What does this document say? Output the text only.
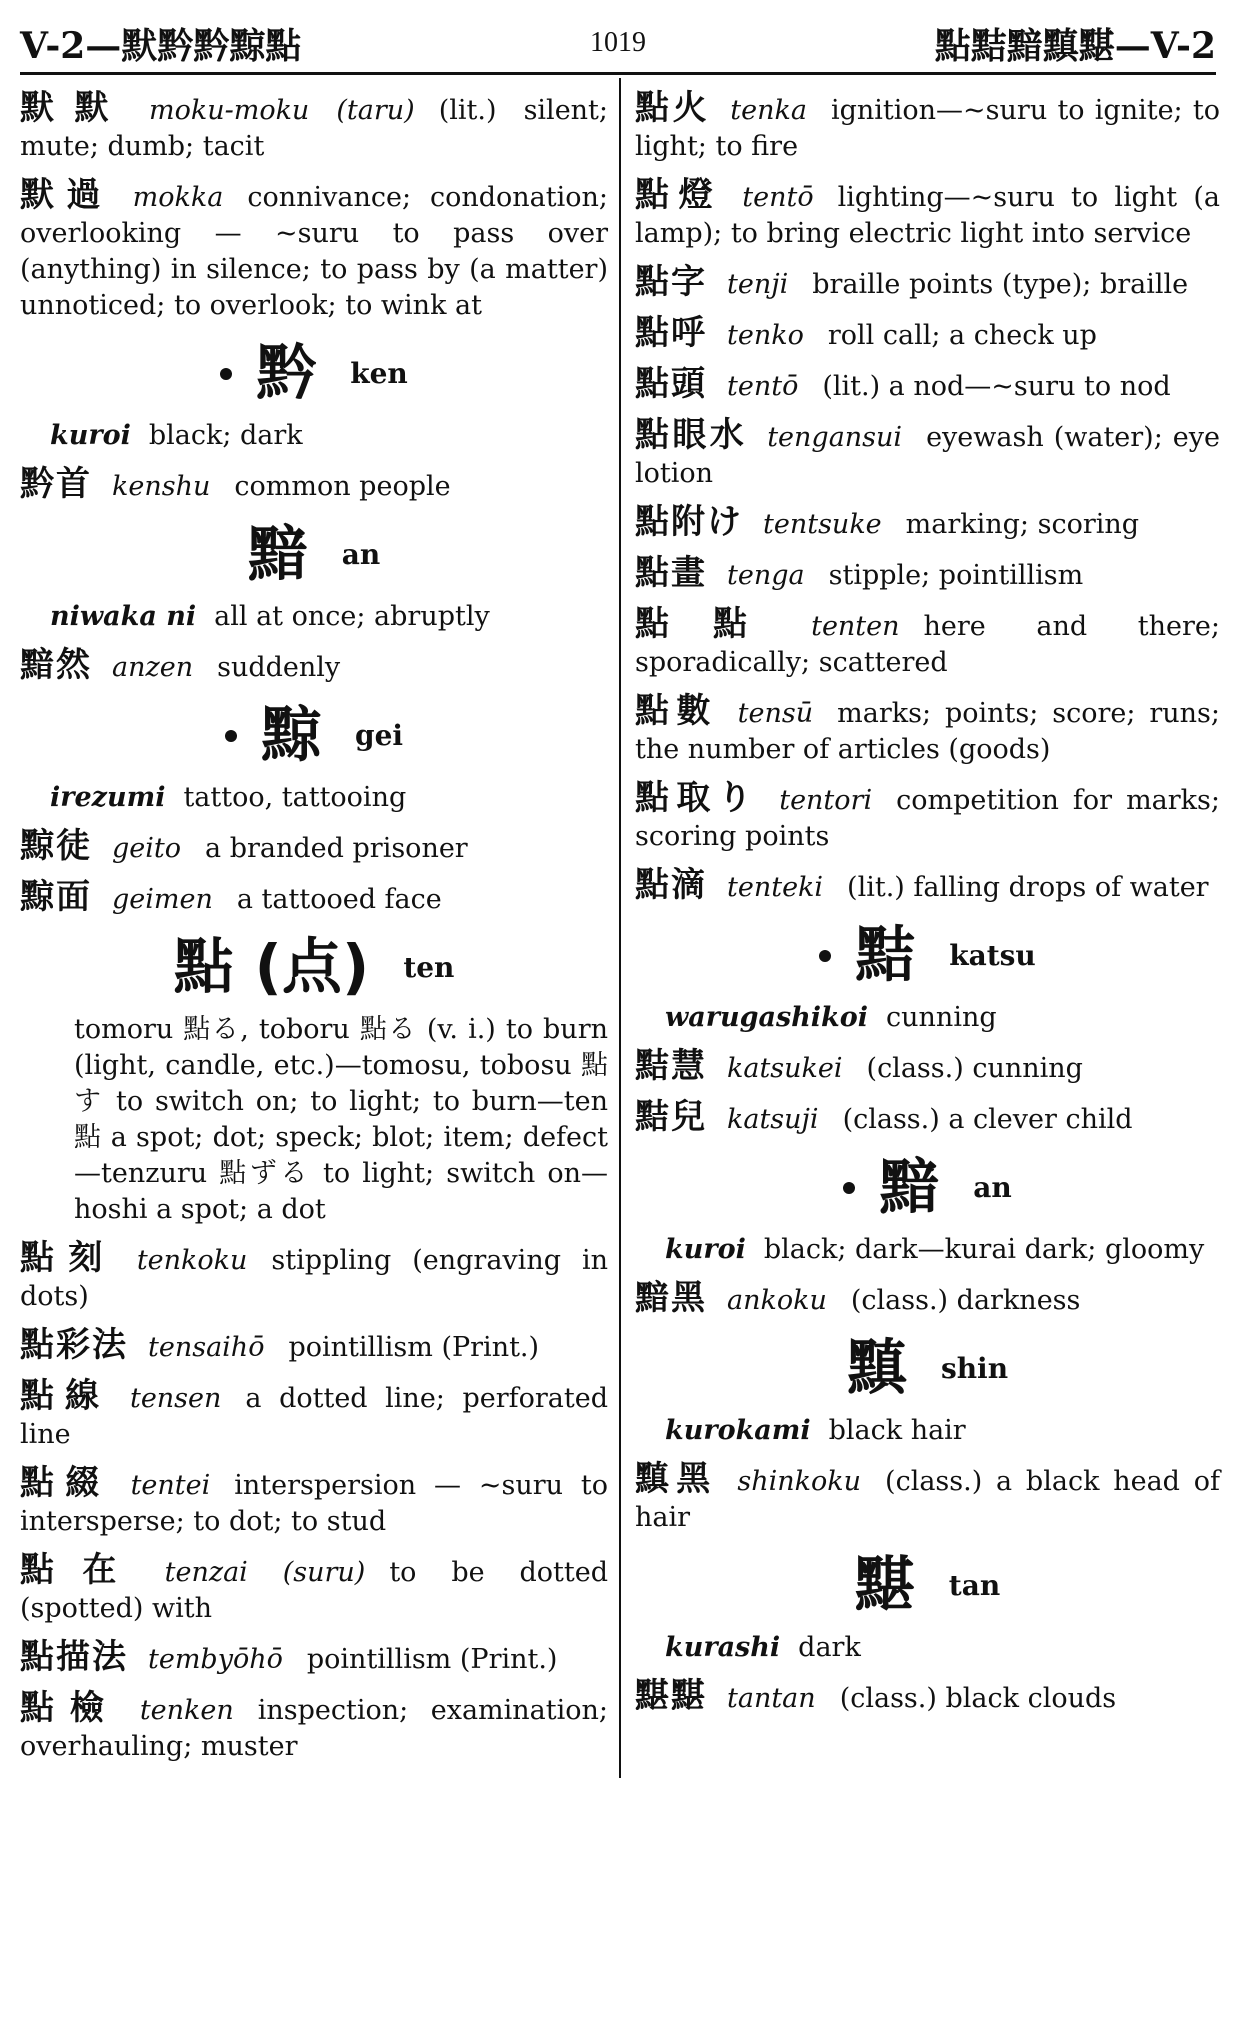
V-2—默黔黔黥點	1019	點黠黯黰黮—V-2
默默 moku-moku (taru) (lit.) silent; mute; dumb; tacit
默過 mokka connivance; condonation; overlooking — ~suru to pass over (anything) in silence; to pass by (a matter) unnoticed; to overlook; to wink at
黔 ken
kuroi black; dark
黔首 kenshu common people
黯 an
niwaka ni all at once; abruptly
黯然 anzen suddenly
黥 gei
irezumi tattoo, tattooing
黥徒 geito a branded prisoner
黥面 geimen a tattooed face
點 (点) ten
tomoru 點る, toboru 點る (v. i.) to burn (light, candle, etc.)—tomosu, tobosu 點す to switch on; to light; to burn—ten 點 a spot; dot; speck; blot; item; defect—tenzuru 點ずる to light; switch on—hoshi a spot; a dot
點刻 tenkoku stippling (engraving in dots)
點彩法 tensaihō pointillism (Print.)
點線 tensen a dotted line; perforated line
點綴 tentei interspersion — ~suru to intersperse; to dot; to stud
點在 tenzai (suru) to be dotted (spotted) with
點描法 tembyōhō pointillism (Print.)
點檢 tenken inspection; examination; overhauling; muster
點火 tenka ignition—~suru to ignite; to light; to fire
點燈 tentō lighting—~suru to light (a lamp); to bring electric light into service
點字 tenji braille points (type); braille
點呼 tenko roll call; a check up
點頭 tentō (lit.) a nod—~suru to nod
點眼水 tengansui eyewash (water); eye lotion
點附け tentsuke marking; scoring
點畫 tenga stipple; pointillism
點點 tenten here and there; sporadically; scattered
點數 tensū marks; points; score; runs; the number of articles (goods)
點取り tentori competition for marks; scoring points
點滴 tenteki (lit.) falling drops of water
黠 katsu
warugashikoi cunning
黠慧 katsukei (class.) cunning
黠兒 katsuji (class.) a clever child
黯 an
kuroi black; dark—kurai dark; gloomy
黯黑 ankoku (class.) darkness
黰 shin
kurokami black hair
黰黑 shinkoku (class.) a black head of hair
黮 tan
kurashi dark
黮黮 tantan (class.) black clouds
